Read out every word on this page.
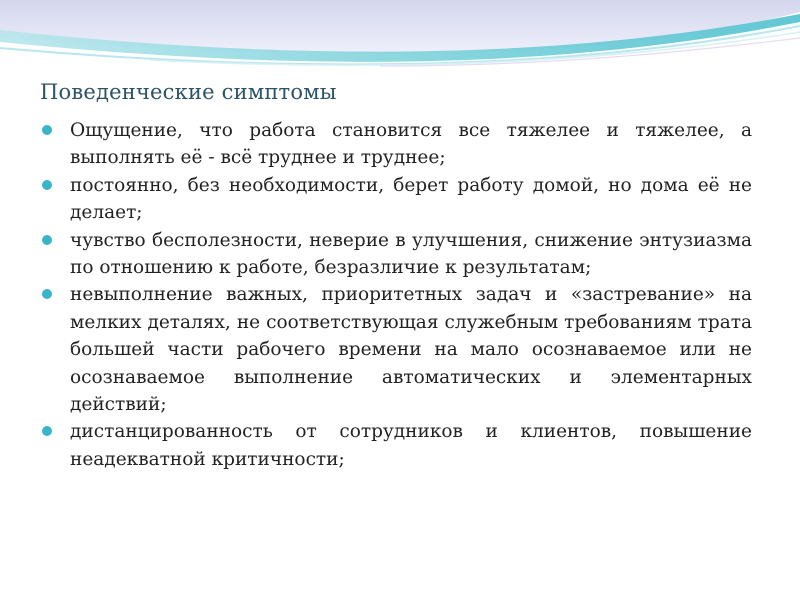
Поведенческие симптомы
Ощущение, что работа становится все тяжелее и тяжелее, а выполнять её - всё труднее и труднее;
постоянно, без необходимости, берет работу домой, но дома её не делает;
чувство бесполезности, неверие в улучшения, снижение энтузиазма по отношению к работе, безразличие к результатам;
невыполнение важных, приоритетных задач и «застревание» на мелких деталях, не соответствующая служебным требованиям трата большей части рабочего времени на мало осознаваемое или не осознаваемое выполнение автоматических и элементарных действий;
дистанцированность от сотрудников и клиентов, повышение неадекватной критичности;
